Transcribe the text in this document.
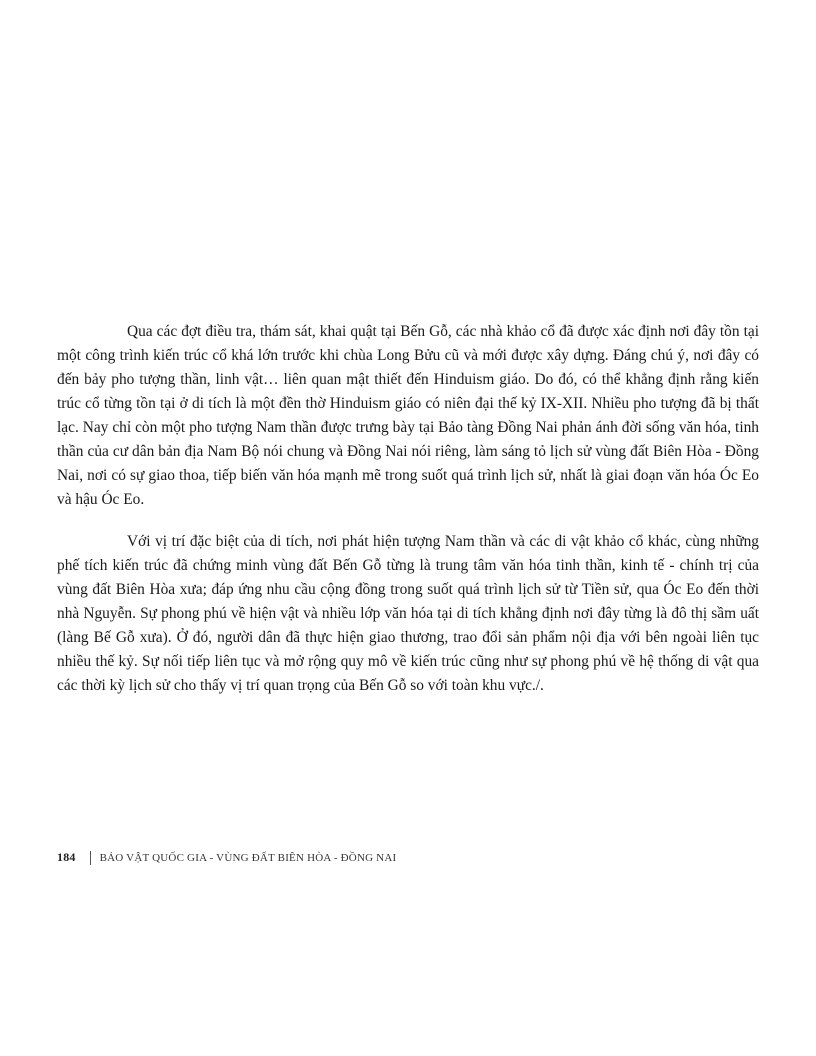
Qua các đợt điều tra, thám sát, khai quật tại Bến Gỗ, các nhà khảo cổ đã được xác định nơi đây tồn tại một công trình kiến trúc cổ khá lớn trước khi chùa Long Bửu cũ và mới được xây dựng. Đáng chú ý, nơi đây có đến bảy pho tượng thần, linh vật… liên quan mật thiết đến Hinduism giáo. Do đó, có thể khẳng định rằng kiến trúc cổ từng tồn tại ở di tích là một đền thờ Hinduism giáo có niên đại thế kỷ IX-XII. Nhiều pho tượng đã bị thất lạc. Nay chỉ còn một pho tượng Nam thần được trưng bày tại Bảo tàng Đồng Nai phản ánh đời sống văn hóa, tinh thần của cư dân bản địa Nam Bộ nói chung và Đồng Nai nói riêng, làm sáng tỏ lịch sử vùng đất Biên Hòa - Đồng Nai, nơi có sự giao thoa, tiếp biến văn hóa mạnh mẽ trong suốt quá trình lịch sử, nhất là giai đoạn văn hóa Óc Eo và hậu Óc Eo.

Với vị trí đặc biệt của di tích, nơi phát hiện tượng Nam thần và các di vật khảo cổ khác, cùng những phế tích kiến trúc đã chứng minh vùng đất Bến Gỗ từng là trung tâm văn hóa tinh thần, kinh tế - chính trị của vùng đất Biên Hòa xưa; đáp ứng nhu cầu cộng đồng trong suốt quá trình lịch sử từ Tiền sử, qua Óc Eo đến thời nhà Nguyễn. Sự phong phú về hiện vật và nhiều lớp văn hóa tại di tích khẳng định nơi đây từng là đô thị sầm uất (làng Bế Gỗ xưa). Ở đó, người dân đã thực hiện giao thương, trao đổi sản phẩm nội địa với bên ngoài liên tục nhiều thế kỷ. Sự nối tiếp liên tục và mở rộng quy mô về kiến trúc cũng như sự phong phú về hệ thống di vật qua các thời kỳ lịch sử cho thấy vị trí quan trọng của Bến Gỗ so với toàn khu vực./.

184 BẢO VẬT QUỐC GIA - VÙNG ĐẤT BIÊN HÒA - ĐỒNG NAI
